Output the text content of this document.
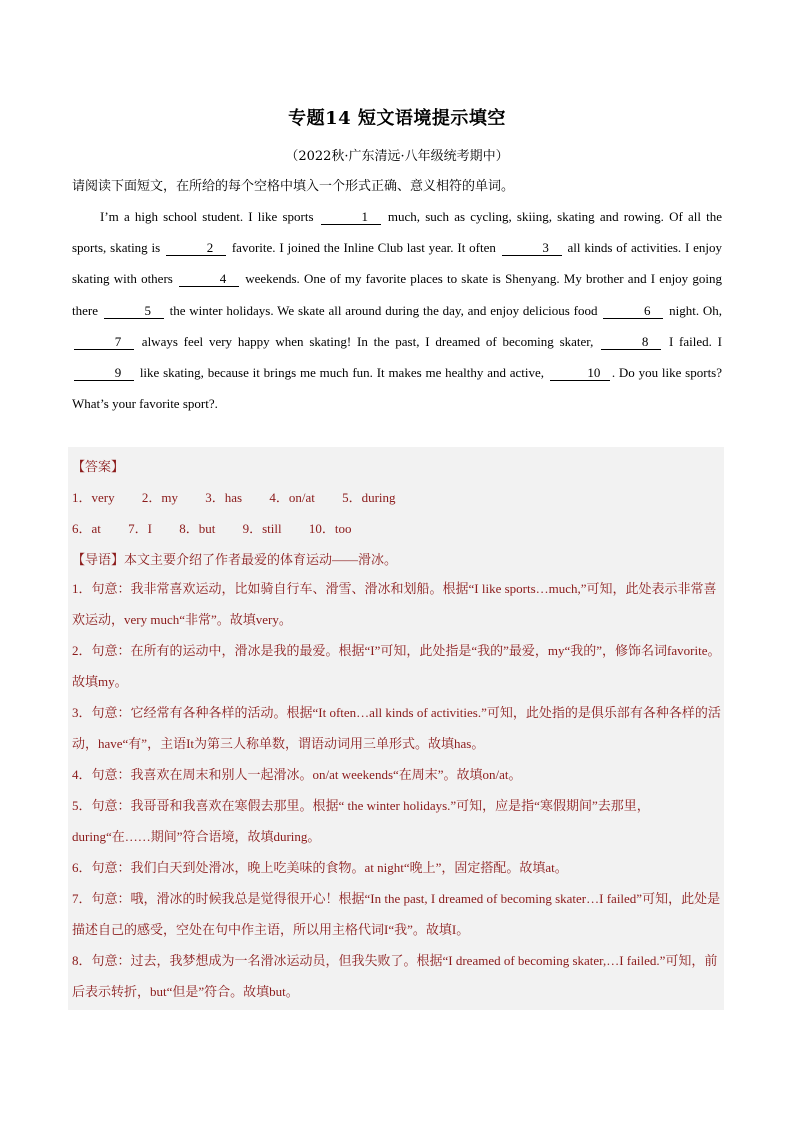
专题14 短文语境提示填空
（2022秋·广东清远·八年级统考期中）
请阅读下面短文，在所给的每个空格中填入一个形式正确、意义相符的单词。

I’m a high school student. I like sports	1 much, such as cycling, skiing, skating and rowing. Of all the sports, skating is	2 favorite. I joined the Inline Club last year. It often	3 all kinds of activities. I enjoy skating with others	4 weekends. One of my favorite places to skate is Shenyang. My brother and I enjoy going there	5 the winter holidays. We skate all around during the day, and enjoy delicious food	6 night. Oh, 7 always feel very happy when skating! In the past, I dreamed of becoming skater,	8 I failed. I 9 like skating, because it brings me much fun. It makes me healthy and active,	10 . Do you like sports? What’s your favorite sport?.

【答案】
1．very 2．my 3．has 4．on/at 5．during
6．at 7．I 8．but 9．still 10．too
【导语】本文主要介绍了作者最爱的体育运动——滑冰。

1．句意：我非常喜欢运动，比如骑自行车、滑雪、滑冰和划船。根据“I like sports…much,”可知，此处表示非常喜欢运动，very much“非常”。故填very。

2．句意：在所有的运动中，滑冰是我的最爱。根据“I”可知，此处指是“我的”最爱，my“我的”，修饰名词favorite。故填my。

3．句意：它经常有各种各样的活动。根据“It often…all kinds of activities.”可知，此处指的是俱乐部有各种各样的活动，have“有”，主语It为第三人称单数，谓语动词用三单形式。故填has。

4．句意：我喜欢在周末和别人一起滑冰。on/at weekends“在周末”。故填on/at。

5．句意：我哥哥和我喜欢在寒假去那里。根据“ the winter holidays.”可知，应是指“寒假期间”去那里，during“在……期间”符合语境，故填during。

6．句意：我们白天到处滑冰，晚上吃美味的食物。at night“晚上”，固定搭配。故填at。

7．句意：哦，滑冰的时候我总是觉得很开心！根据“In the past, I dreamed of becoming skater…I failed”可知，此处是描述自己的感受，空处在句中作主语，所以用主格代词I“我”。故填I。

8．句意：过去，我梦想成为一名滑冰运动员，但我失败了。根据“I dreamed of becoming skater,…I failed.”可知，前后表示转折，but“但是”符合。故填but。
